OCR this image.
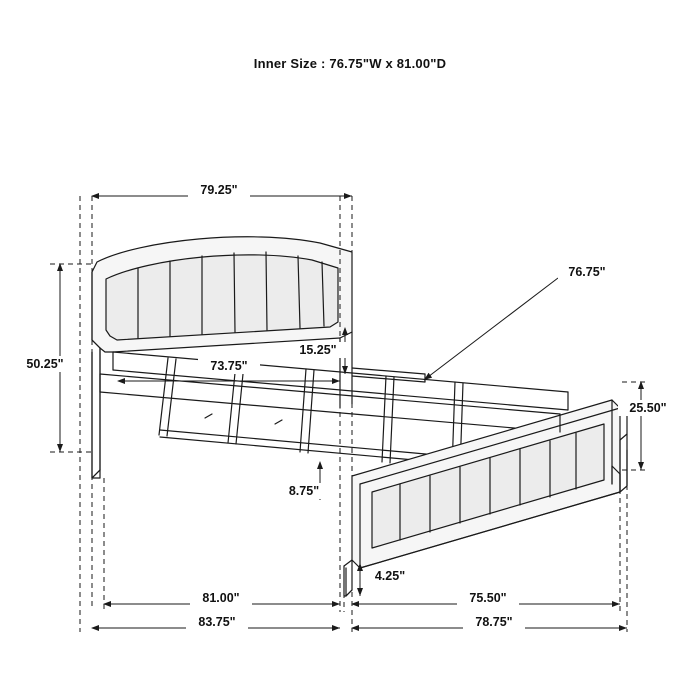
Inner Size : 76.75"W x 81.00"D
79.25"
73.75"
50.25"
15.25"
8.75"
4.25"
25.50"
76.75"
81.00"
83.75"
75.50"
78.75"
